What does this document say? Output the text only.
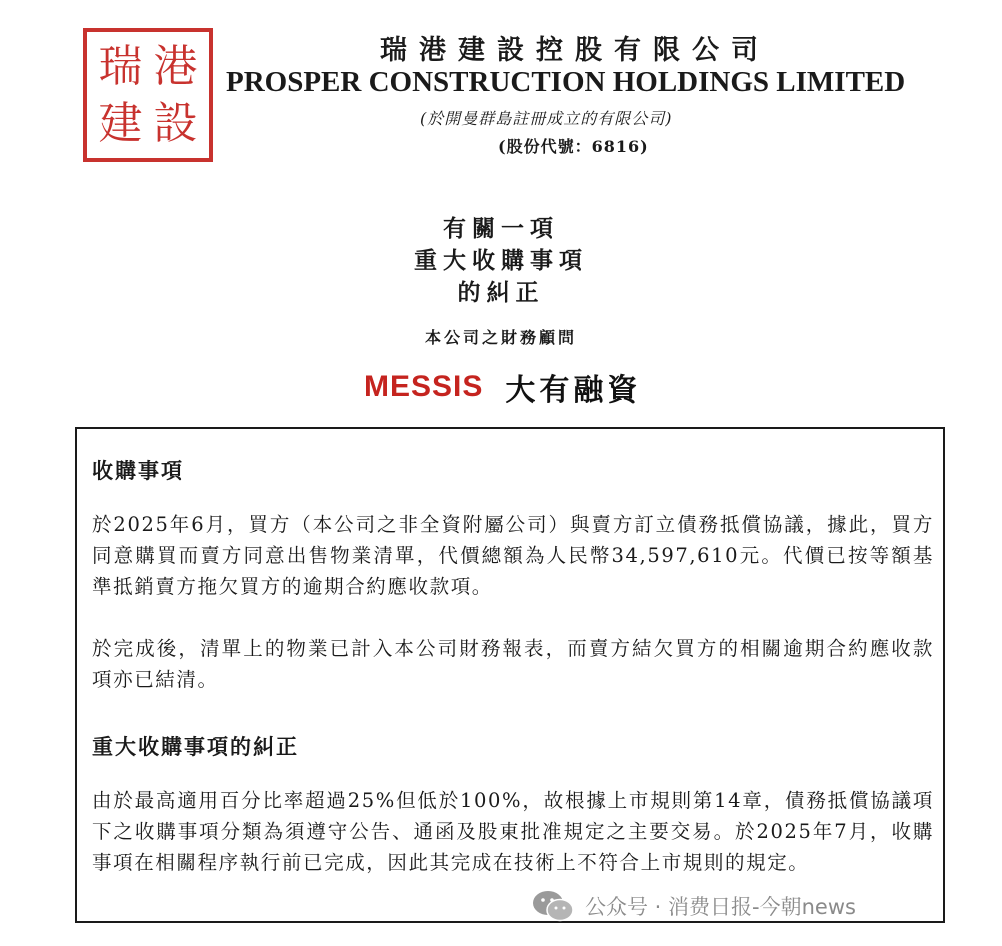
港
瑞
設
建
瑞港建設控股有限公司
PROSPER CONSTRUCTION HOLDINGS LIMITED
(於開曼群島註冊成立的有限公司)
(股份代號：6816)
有關一項
重大收購事項
的糾正
本公司之財務顧問
MESSIS 大有融資
收購事項
於2025年6月，買方（本公司之非全資附屬公司）與賣方訂立債務抵償協議，據此，買方同意購買而賣方同意出售物業清單，代價總額為人民幣34,597,610元。代價已按等額基準抵銷賣方拖欠買方的逾期合約應收款項。
於完成後，清單上的物業已計入本公司財務報表，而賣方結欠買方的相關逾期合約應收款項亦已結清。
重大收購事項的糾正
由於最高適用百分比率超過25%但低於100%，故根據上市規則第14章，債務抵償協議項下之收購事項分類為須遵守公告、通函及股東批准規定之主要交易。於2025年7月，收購事項在相關程序執行前已完成，因此其完成在技術上不符合上市規則的規定。
公众号 · 消费日报-今朝news
